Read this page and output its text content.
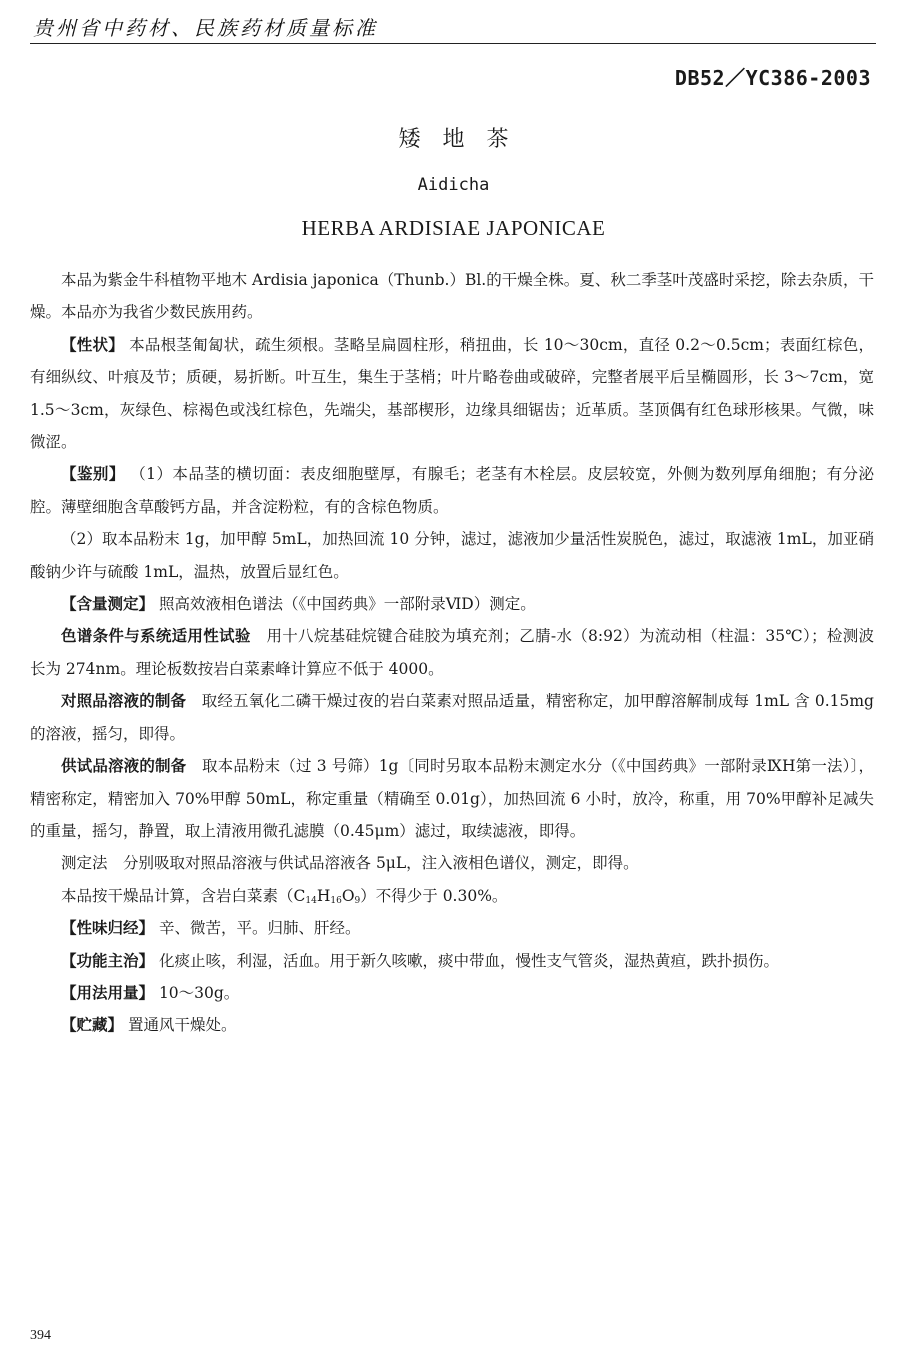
贵州省中药材、民族药材质量标准
DB52／YC386-2003
矮地茶
Aidicha
HERBA ARDISIAE JAPONICAE

本品为紫金牛科植物平地木 Ardisia japonica（Thunb.）Bl.的干燥全株。夏、秋二季茎叶茂盛时采挖，除去杂质，干燥。本品亦为我省少数民族用药。

【性状】 本品根茎匍匐状，疏生须根。茎略呈扁圆柱形，稍扭曲，长 10～30cm，直径 0.2～0.5cm；表面红棕色，有细纵纹、叶痕及节；质硬，易折断。叶互生，集生于茎梢；叶片略卷曲或破碎，完整者展平后呈椭圆形，长 3～7cm，宽 1.5～3cm，灰绿色、棕褐色或浅红棕色，先端尖，基部楔形，边缘具细锯齿；近革质。茎顶偶有红色球形核果。气微，味微涩。

【鉴别】 （1）本品茎的横切面：表皮细胞壁厚，有腺毛；老茎有木栓层。皮层较宽，外侧为数列厚角细胞；有分泌腔。薄壁细胞含草酸钙方晶，并含淀粉粒，有的含棕色物质。

（2）取本品粉末 1g，加甲醇 5mL，加热回流 10 分钟，滤过，滤液加少量活性炭脱色，滤过，取滤液 1mL，加亚硝酸钠少许与硫酸 1mL，温热，放置后显红色。

【含量测定】 照高效液相色谱法（《中国药典》一部附录ⅥD）测定。

色谱条件与系统适用性试验　用十八烷基硅烷键合硅胶为填充剂；乙腈-水（8:92）为流动相（柱温：35℃）；检测波长为 274nm。理论板数按岩白菜素峰计算应不低于 4000。

对照品溶液的制备　取经五氧化二磷干燥过夜的岩白菜素对照品适量，精密称定，加甲醇溶解制成每 1mL 含 0.15mg 的溶液，摇匀，即得。

供试品溶液的制备　取本品粉末（过 3 号筛）1g〔同时另取本品粉末测定水分（《中国药典》一部附录ⅨH第一法）〕，精密称定，精密加入 70%甲醇 50mL，称定重量（精确至 0.01g），加热回流 6 小时，放冷，称重，用 70%甲醇补足减失的重量，摇匀，静置，取上清液用微孔滤膜（0.45μm）滤过，取续滤液，即得。

测定法　分别吸取对照品溶液与供试品溶液各 5μL，注入液相色谱仪，测定，即得。

本品按干燥品计算，含岩白菜素$(C_{14}H_{16}O_9)$不得少于 0.30%。

【性味归经】 辛、微苦，平。归肺、肝经。

【功能主治】 化痰止咳，利湿，活血。用于新久咳嗽，痰中带血，慢性支气管炎，湿热黄疸，跌扑损伤。

【用法用量】 10～30g。

【贮藏】 置通风干燥处。

394
